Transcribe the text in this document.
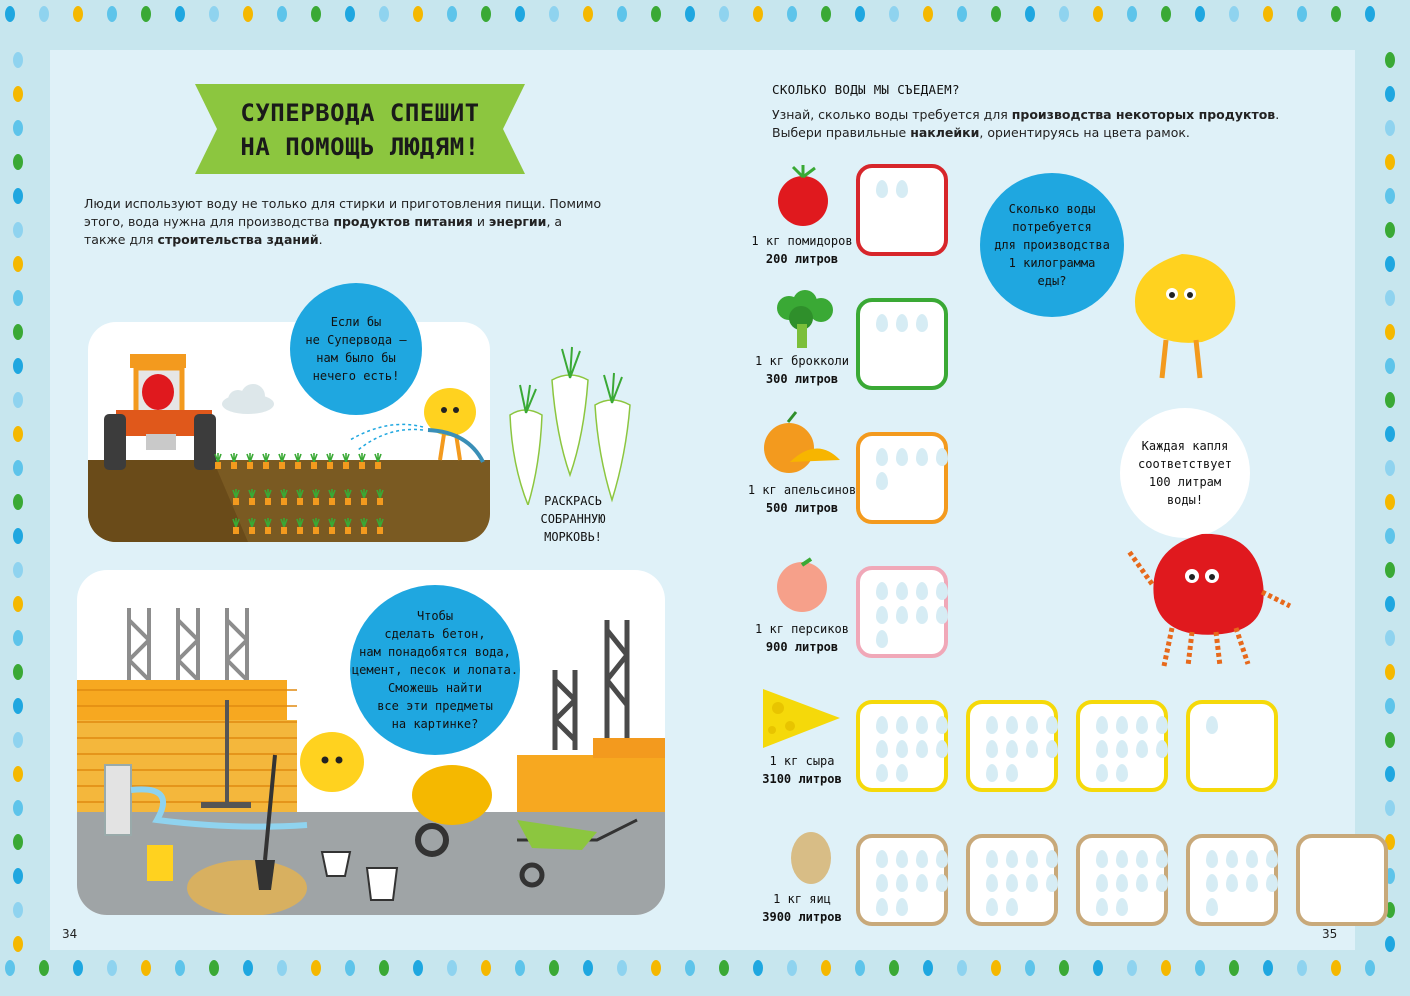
СУПЕРВОДА СПЕШИТ
НА ПОМОЩЬ ЛЮДЯМ!
Люди используют воду не только для стирки и приготовления пищи. Помимо этого, вода нужна для производства продуктов питания и энергии, а также для строительства зданий.
Если бы
не Супервода —
нам было бы
нечего есть!
РАСКРАСЬ
СОБРАННУЮ
МОРКОВЬ!
Чтобы
сделать бетон,
нам понадобятся вода,
цемент, песок и лопата.
Сможешь найти
все эти предметы
на картинке?
34
СКОЛЬКО ВОДЫ МЫ СЪЕДАЕМ?
Узнай, сколько воды требуется для производства некоторых продуктов. Выбери правильные наклейки, ориентируясь на цвета рамок.
1 кг помидоров
200 литров
1 кг брокколи
300 литров
1 кг апельсинов
500 литров
1 кг персиков
900 литров
1 кг сыра
3100 литров
1 кг яиц
3900 литров
Сколько воды
потребуется
для производства
1 килограмма
еды?
Каждая капля
соответствует
100 литрам
воды!
35
